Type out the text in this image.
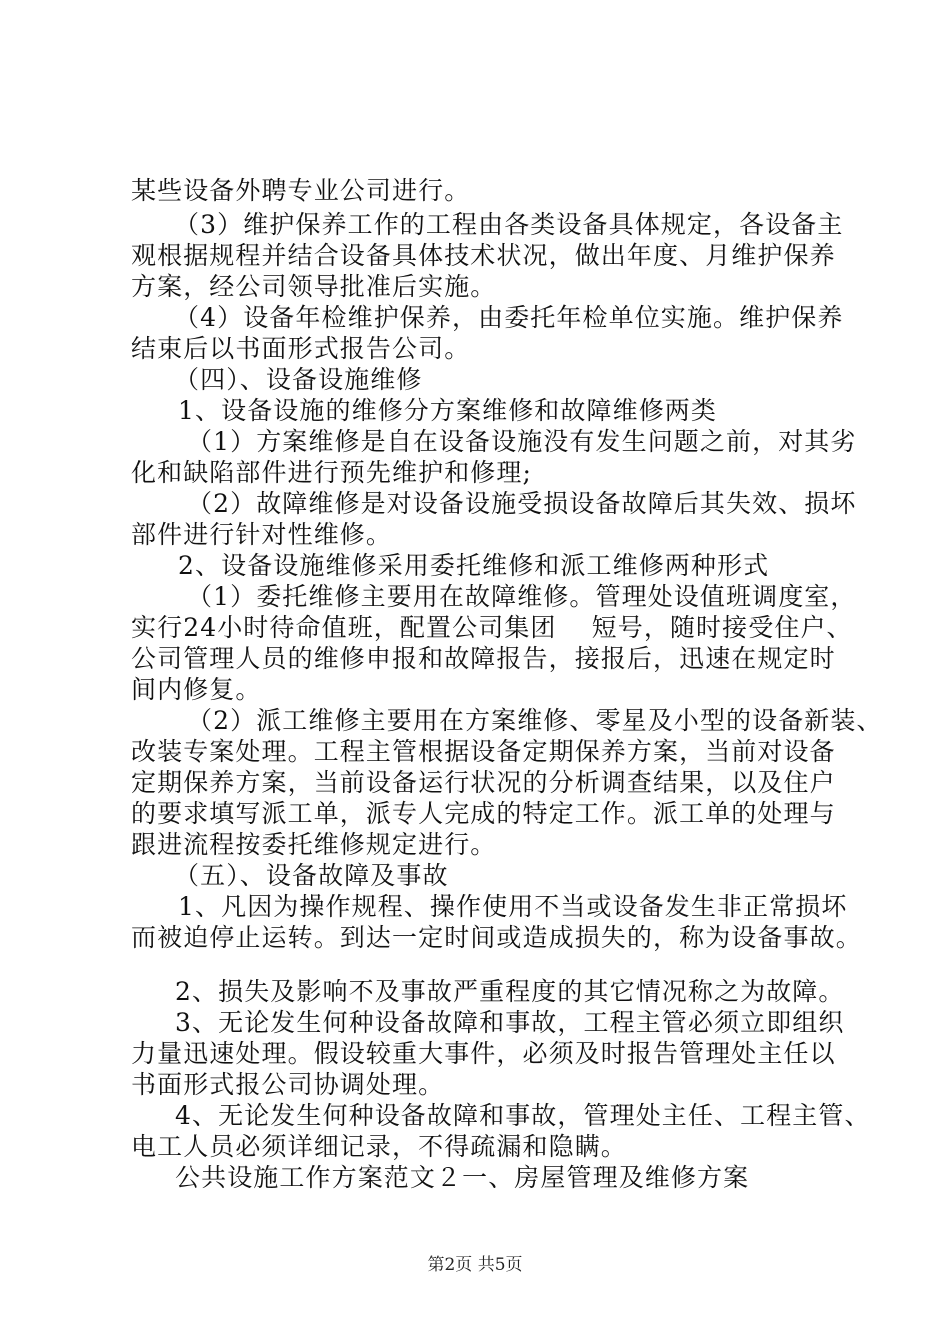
某些设备外聘专业公司进行。
（3）维护保养工作的工程由各类设备具体规定，各设备主
观根据规程并结合设备具体技术状况，做出年度、月维护保养
方案，经公司领导批准后实施。
（4）设备年检维护保养，由委托年检单位实施。维护保养
结束后以书面形式报告公司。
（四）、设备设施维修
1、设备设施的维修分方案维修和故障维修两类
（1）方案维修是自在设备设施没有发生问题之前，对其劣
化和缺陷部件进行预先维护和修理;
（2）故障维修是对设备设施受损设备故障后其失效、损坏
部件进行针对性维修。
2、设备设施维修采用委托维修和派工维修两种形式
（1）委托维修主要用在故障维修。管理处设值班调度室，
实行24小时待命值班，配置公司集团　 短号，随时接受住户、
公司管理人员的维修申报和故障报告，接报后，迅速在规定时
间内修复。
（2）派工维修主要用在方案维修、零星及小型的设备新装、
改装专案处理。工程主管根据设备定期保养方案，当前对设备
定期保养方案，当前设备运行状况的分析调查结果，以及住户
的要求填写派工单，派专人完成的特定工作。派工单的处理与
跟进流程按委托维修规定进行。
（五）、设备故障及事故
1、凡因为操作规程、操作使用不当或设备发生非正常损坏
而被迫停止运转。到达一定时间或造成损失的，称为设备事故。
2、损失及影响不及事故严重程度的其它情况称之为故障。
3、无论发生何种设备故障和事故，工程主管必须立即组织
力量迅速处理。假设较重大事件，必须及时报告管理处主任以
书面形式报公司协调处理。
4、无论发生何种设备故障和事故，管理处主任、工程主管、
电工人员必须详细记录，不得疏漏和隐瞒。
公共设施工作方案范文２一、房屋管理及维修方案
第2页 共5页
